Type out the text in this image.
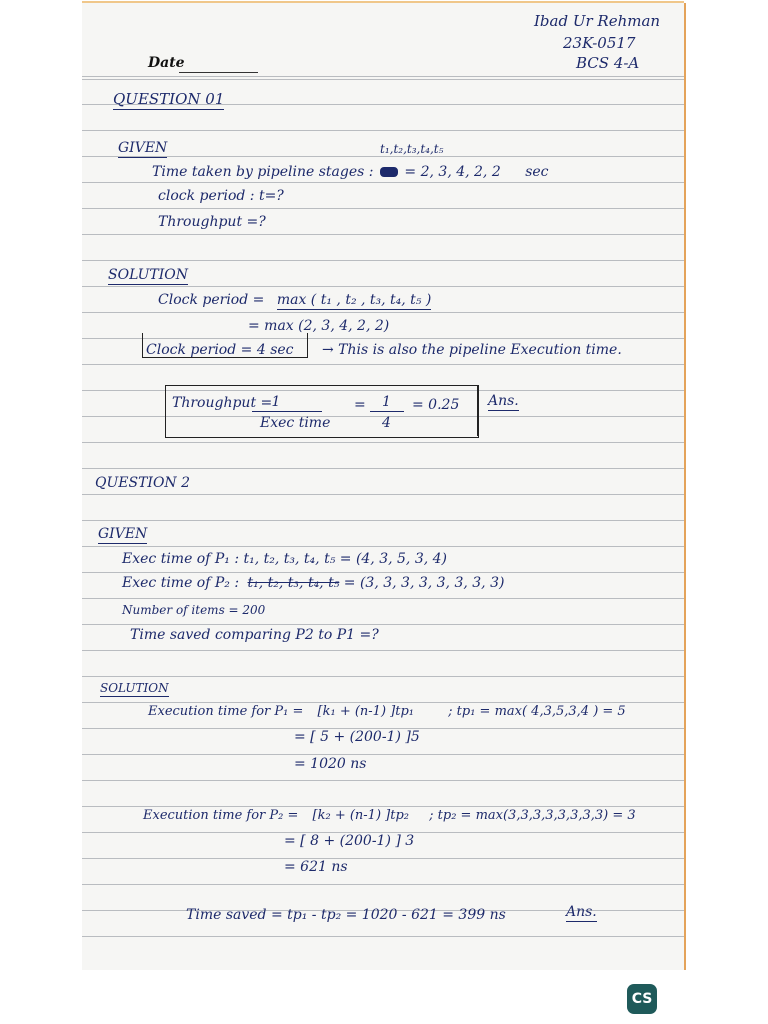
Ibad Ur Rehman
23K-0517
BCS 4-A
Date
QUESTION 01
GIVEN	t₁,t₂,t₃,t₄,t₅
Time taken by pipeline stages : = 2, 3, 4, 2, 2 sec
clock period : t=?
Throughput =?
SOLUTION
Clock period = max ( t₁ , t₂ , t₃, t₄, t₅ )
= max (2, 3, 4, 2, 2)
Clock period = 4 sec → This is also the pipeline Execution time.
Throughput = 1
Exec time
= 1
4
= 0.25 Ans.
QUESTION 2
GIVEN
Exec time of P₁ : t₁, t₂, t₃, t₄, t₅ = (4, 3, 5, 3, 4)
Exec time of P₂ : t₁, t₂, t₃, t₄, t₅ = (3, 3, 3, 3, 3, 3, 3, 3)
Number of items = 200
Time saved comparing P2 to P1 =?
SOLUTION
Execution time for P₁ = [k₁ + (n-1) ]tp₁	; tp₁ = max( 4,3,5,3,4 ) = 5
= [ 5 + (200-1) ]5
= 1020 ns
Execution time for P₂ = [k₂ + (n-1) ]tp₂ ; tp₂ = max(3,3,3,3,3,3,3,3) = 3
= [ 8 + (200-1) ] 3
= 621 ns
Time saved = tp₁ - tp₂ = 1020 - 621 = 399 ns	Ans.
CS
